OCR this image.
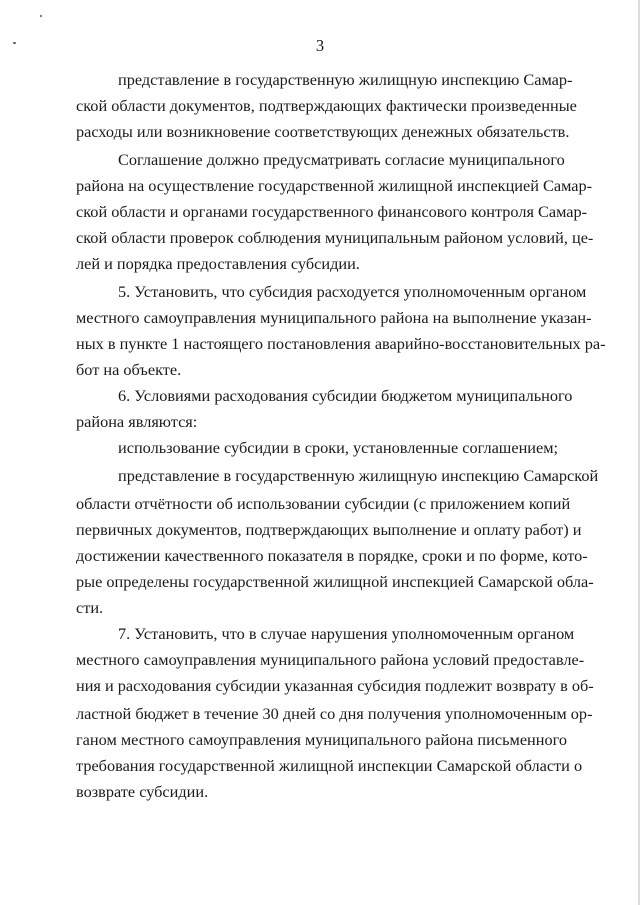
3
представление в государственную жилищную инспекцию Самар-
ской области документов, подтверждающих фактически произведенные
расходы или возникновение соответствующих денежных обязательств.
Соглашение должно предусматривать согласие муниципального
района на осуществление государственной жилищной инспекцией Самар-
ской области и органами государственного финансового контроля Самар-
ской области проверок соблюдения муниципальным районом условий, це-
лей и порядка предоставления субсидии.
5. Установить, что субсидия расходуется уполномоченным органом
местного самоуправления муниципального района на выполнение указан-
ных в пункте 1 настоящего постановления аварийно-восстановительных ра-
бот на объекте.
6. Условиями расходования субсидии бюджетом муниципального
района являются:
использование субсидии в сроки, установленные соглашением;
представление в государственную жилищную инспекцию Самарской
области отчётности об использовании субсидии (с приложением копий
первичных документов, подтверждающих выполнение и оплату работ) и
достижении качественного показателя в порядке, сроки и по форме, кото-
рые определены государственной жилищной инспекцией Самарской обла-
сти.
7. Установить, что в случае нарушения уполномоченным органом
местного самоуправления муниципального района условий предоставле-
ния и расходования субсидии указанная субсидия подлежит возврату в об-
ластной бюджет в течение 30 дней со дня получения уполномоченным ор-
ганом местного самоуправления муниципального района письменного
требования государственной жилищной инспекции Самарской области о
возврате субсидии.
